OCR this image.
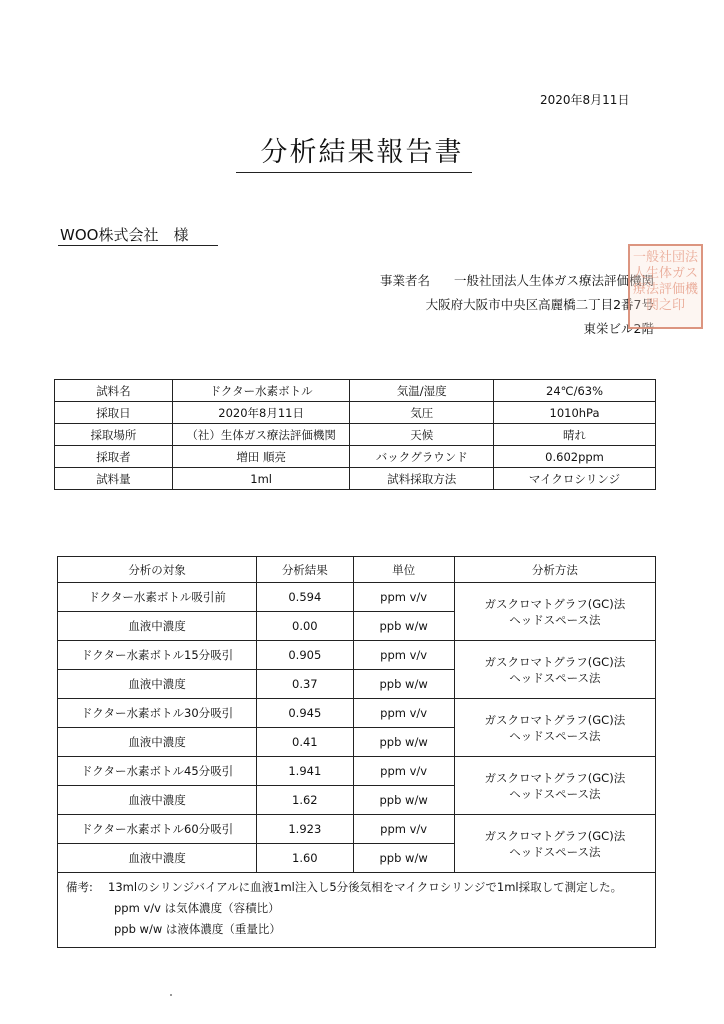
2020年8月11日
分析結果報告書
WOO株式会社　様
事業者名 一般社団法人生体ガス療法評価機関
大阪府大阪市中央区高麗橋二丁目2番7号
東栄ビル2階
一般社団法人生体ガス療法評価機関之印
試料名	ドクター水素ボトル	気温/湿度	24℃/63%
採取日	2020年8月11日	気圧	1010hPa
採取場所	（社）生体ガス療法評価機関	天候	晴れ
採取者	増田 順亮	バックグラウンド	0.602ppm
試料量	1ml	試料採取方法	マイクロシリンジ
分析の対象	分析結果	単位	分析方法
ドクター水素ボトル吸引前	0.594	ppm v/v	ガスクロマトグラフ(GC)法
ヘッドスペース法

血液中濃度	0.00	ppb w/w	
ドクター水素ボトル15分吸引	0.905	ppm v/v	ガスクロマトグラフ(GC)法
ヘッドスペース法

血液中濃度	0.37	ppb w/w	
ドクター水素ボトル30分吸引	0.945	ppm v/v	ガスクロマトグラフ(GC)法
ヘッドスペース法

血液中濃度	0.41	ppb w/w	
ドクター水素ボトル45分吸引	1.941	ppm v/v	ガスクロマトグラフ(GC)法
ヘッドスペース法

血液中濃度	1.62	ppb w/w	
ドクター水素ボトル60分吸引	1.923	ppm v/v	ガスクロマトグラフ(GC)法
ヘッドスペース法

血液中濃度	1.60	ppb w/w	

備考: 13mlのシリンジバイアルに血液1ml注入し5分後気相をマイクロシリンジで1ml採取して測定した。
ppm v/v は気体濃度（容積比）
ppb w/w は液体濃度（重量比）			
